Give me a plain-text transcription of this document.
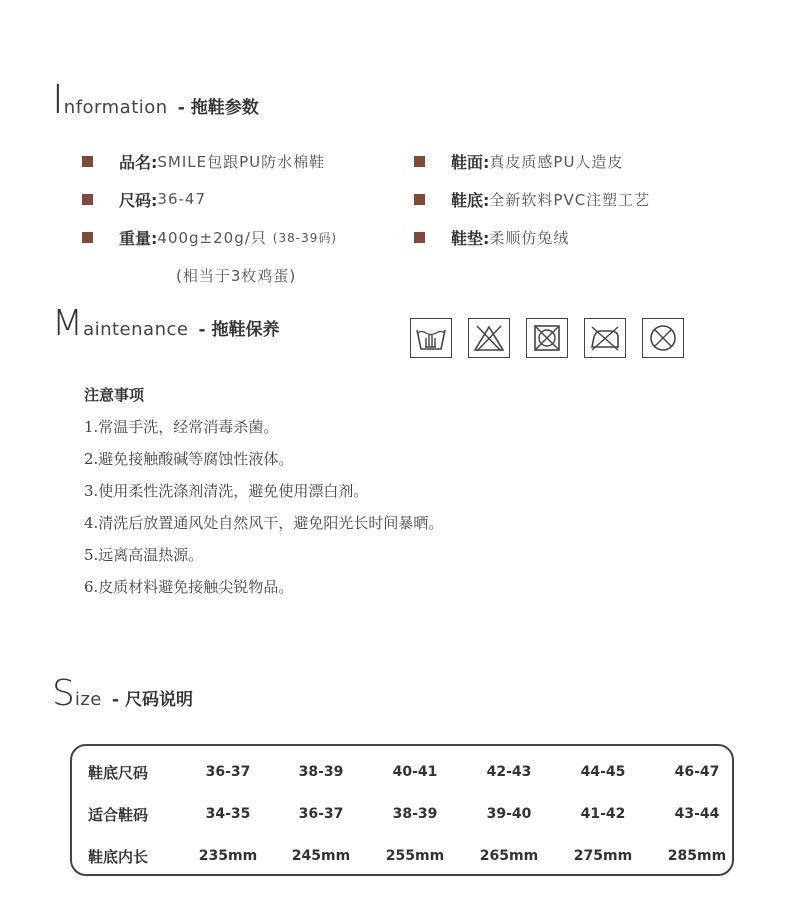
I nformation - 拖鞋参数
品名: SMILE包跟PU防水棉鞋
尺码: 36-47
重量: 400g±20g/只 (38-39码)
(相当于3枚鸡蛋)
鞋面: 真皮质感PU人造皮
鞋底: 全新软料PVC注塑工艺
鞋垫: 柔顺仿兔绒
M aintenance - 拖鞋保养
注意事项
1.常温手洗，经常消毒杀菌。
2.避免接触酸碱等腐蚀性液体。
3.使用柔性洗涤剂清洗，避免使用漂白剂。
4.清洗后放置通风处自然风干，避免阳光长时间暴晒。
5.远离高温热源。
6.皮质材料避免接触尖锐物品。
S ize - 尺码说明
鞋底尺码	36-37	38-39	40-41	42-43	44-45	46-47
适合鞋码	34-35	36-37	38-39	39-40	41-42	43-44
鞋底内长	235mm	245mm	255mm	265mm	275mm	285mm
